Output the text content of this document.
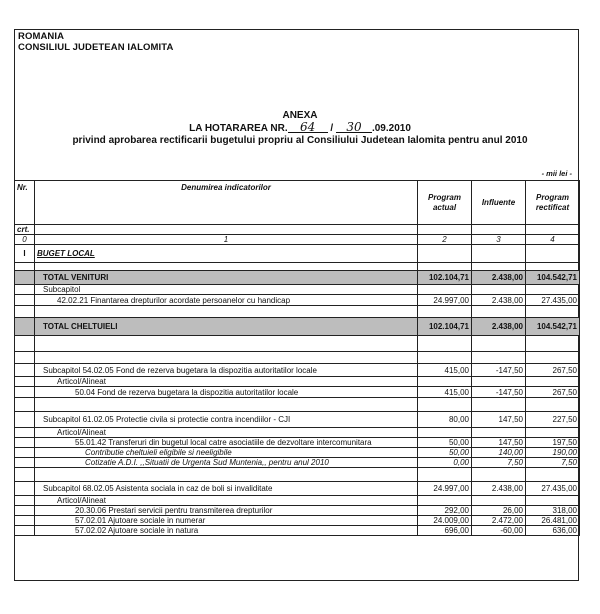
ROMANIA
CONSILIUL JUDETEAN IALOMITA
ANEXA
LA HOTARAREA NR. 64 / 30 .09.2010
privind aprobarea rectificarii bugetului propriu al Consiliului Judetean Ialomita pentru anul 2010
- mii lei -
Nr.	Denumirea indicatorilor	Program actual	Influente	Program rectificat
crt.				
0	1	2	3	4
I	BUGET LOCAL			

	TOTAL VENITURI	102.104,71	2.438,00	104.542,71
	Subcapitol			
	42.02.21 Finantarea drepturilor acordate persoanelor cu handicap	24.997,00	2.438,00	27.435,00

	TOTAL CHELTUIELI	102.104,71	2.438,00	104.542,71

	Subcapitol 54.02.05 Fond de rezerva bugetara la dispozitia autoritatilor locale	415,00	-147,50	267,50
	Articol/Alineat			
	50.04 Fond de rezerva bugetara la dispozitia autoritatilor locale	415,00	-147,50	267,50

	Subcapitol 61.02.05 Protectie civila si protectie contra incendiilor - CJI	80,00	147,50	227,50
	Articol/Alineat			
	55.01.42 Transferuri din bugetul local catre asociatiile de dezvoltare intercomunitara	50,00	147,50	197,50
	Contributie cheltuieli eligibile si neeligibile	50,00	140,00	190,00
	Cotizatie A.D.I. ,,Situatii de Urgenta Sud Muntenia,, pentru anul 2010	0,00	7,50	7,50

	Subcapitol 68.02.05 Asistenta sociala in caz de boli si invaliditate	24.997,00	2.438,00	27.435,00
	Articol/Alineat			
	20.30.06 Prestari servicii pentru transmiterea drepturilor	292,00	26,00	318,00
	57.02.01 Ajutoare sociale in numerar	24.009,00	2.472,00	26.481,00
	57.02.02 Ajutoare sociale in natura	696,00	-60,00	636,00
